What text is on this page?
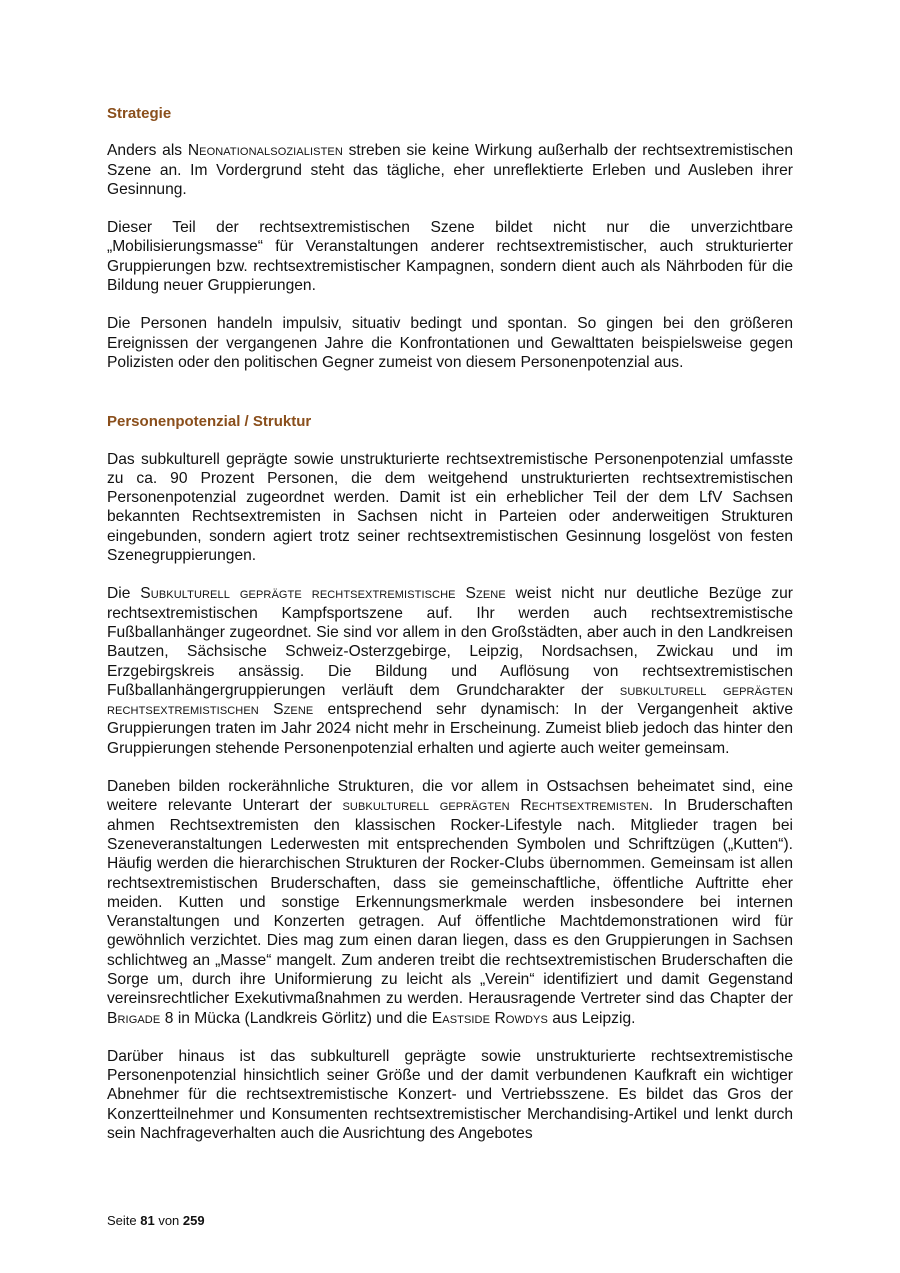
Strategie

Anders als Neonationalsozialisten streben sie keine Wirkung außerhalb der rechtsextremistischen Szene an. Im Vordergrund steht das tägliche, eher unreflektierte Erleben und Ausleben ihrer Gesinnung.

Dieser Teil der rechtsextremistischen Szene bildet nicht nur die unverzichtbare „Mobilisierungsmasse“ für Veranstaltungen anderer rechtsextremistischer, auch strukturierter Gruppierungen bzw. rechtsextremistischer Kampagnen, sondern dient auch als Nährboden für die Bildung neuer Gruppierungen.

Die Personen handeln impulsiv, situativ bedingt und spontan. So gingen bei den größeren Ereignissen der vergangenen Jahre die Konfrontationen und Gewalttaten beispielsweise gegen Polizisten oder den politischen Gegner zumeist von diesem Personenpotenzial aus.

Personenpotenzial / Struktur

Das subkulturell geprägte sowie unstrukturierte rechtsextremistische Personenpotenzial umfasste zu ca. 90 Prozent Personen, die dem weitgehend unstrukturierten rechtsextremistischen Personenpotenzial zugeordnet werden. Damit ist ein erheblicher Teil der dem LfV Sachsen bekannten Rechtsextremisten in Sachsen nicht in Parteien oder anderweitigen Strukturen eingebunden, sondern agiert trotz seiner rechtsextremistischen Gesinnung losgelöst von festen Szenegruppierungen.

Die Subkulturell geprägte rechtsextremistische Szene weist nicht nur deutliche Bezüge zur rechtsextremistischen Kampfsportszene auf. Ihr werden auch rechtsextremistische Fußballanhänger zugeordnet. Sie sind vor allem in den Großstädten, aber auch in den Landkreisen Bautzen, Sächsische Schweiz-Osterzgebirge, Leipzig, Nordsachsen, Zwickau und im Erzgebirgskreis ansässig. Die Bildung und Auflösung von rechtsextremistischen Fußballanhängergruppierungen verläuft dem Grundcharakter der subkulturell geprägten rechtsextremistischen Szene entsprechend sehr dynamisch: In der Vergangenheit aktive Gruppierungen traten im Jahr 2024 nicht mehr in Erscheinung. Zumeist blieb jedoch das hinter den Gruppierungen stehende Personenpotenzial erhalten und agierte auch weiter gemeinsam.

Daneben bilden rockerähnliche Strukturen, die vor allem in Ostsachsen beheimatet sind, eine weitere relevante Unterart der subkulturell geprägten Rechtsextremisten. In Bruderschaften ahmen Rechtsextremisten den klassischen Rocker-Lifestyle nach. Mitglieder tragen bei Szeneveranstaltungen Lederwesten mit entsprechenden Symbolen und Schriftzügen („Kutten“). Häufig werden die hierarchischen Strukturen der Rocker-Clubs übernommen. Gemeinsam ist allen rechtsextremistischen Bruderschaften, dass sie gemeinschaftliche, öffentliche Auftritte eher meiden. Kutten und sonstige Erkennungsmerkmale werden insbesondere bei internen Veranstaltungen und Konzerten getragen. Auf öffentliche Machtdemonstrationen wird für gewöhnlich verzichtet. Dies mag zum einen daran liegen, dass es den Gruppierungen in Sachsen schlichtweg an „Masse“ mangelt. Zum anderen treibt die rechtsextremistischen Bruderschaften die Sorge um, durch ihre Uniformierung zu leicht als „Verein“ identifiziert und damit Gegenstand vereinsrechtlicher Exekutivmaßnahmen zu werden. Herausragende Vertreter sind das Chapter der Brigade 8 in Mücka (Landkreis Görlitz) und die Eastside Rowdys aus Leipzig.

Darüber hinaus ist das subkulturell geprägte sowie unstrukturierte rechtsextremistische Personenpotenzial hinsichtlich seiner Größe und der damit verbundenen Kaufkraft ein wichtiger Abnehmer für die rechtsextremistische Konzert- und Vertriebsszene. Es bildet das Gros der Konzertteilnehmer und Konsumenten rechtsextremistischer Merchandising-Artikel und lenkt durch sein Nachfrageverhalten auch die Ausrichtung des Angebotes

Seite 81 von 259
